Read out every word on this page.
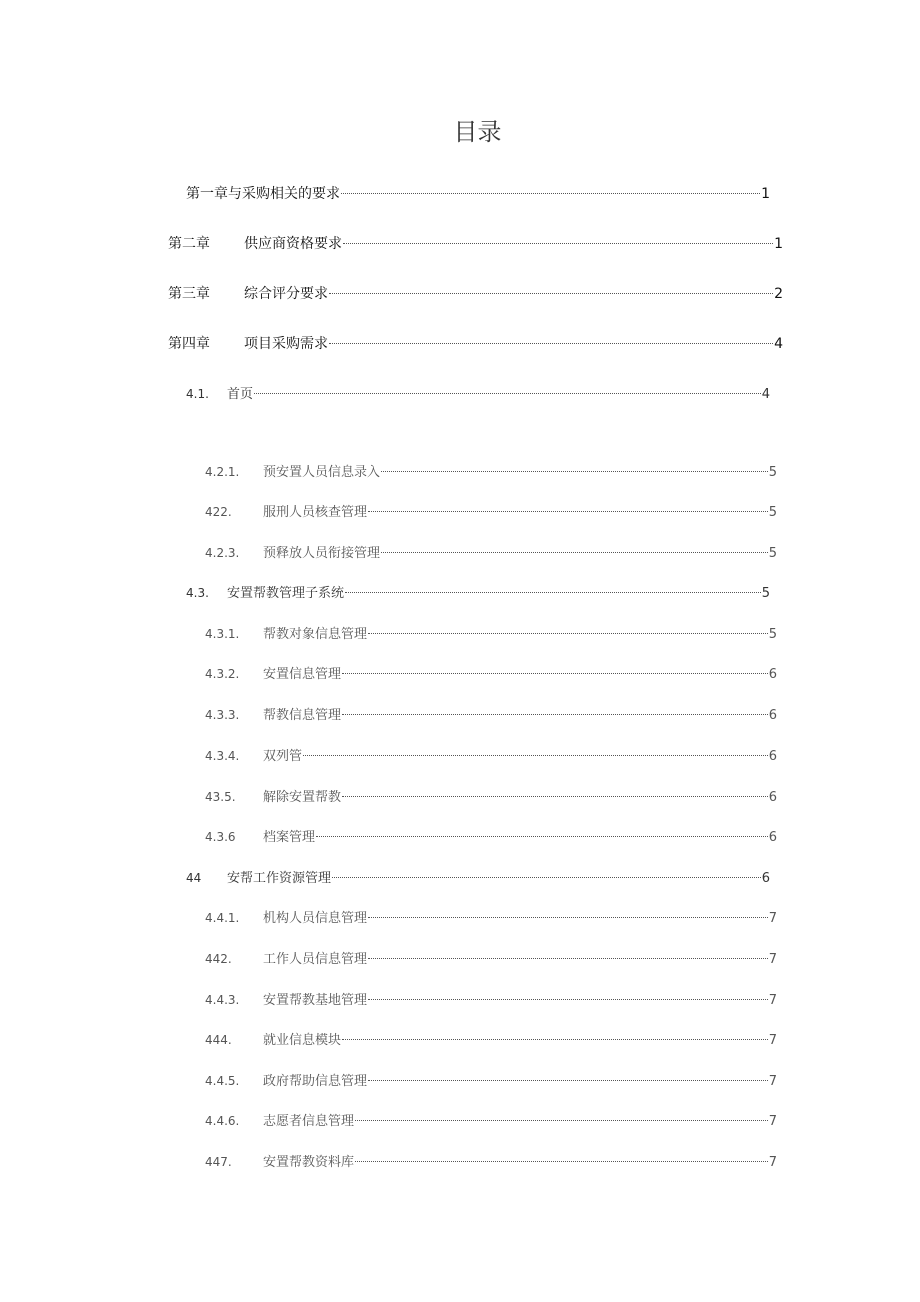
目录
第一章与采购相关的要求	1
第二章	供应商资格要求	1
第三章	综合评分要求	2
第四章	项目采购需求	4
4.1.	首页	4
4.2.1.	预安置人员信息录入	5
422.	服刑人员核查管理	5
4.2.3.	预释放人员衔接管理	5
4.3.	安置帮教管理子系统	5
4.3.1.	帮教对象信息管理	5
4.3.2.	安置信息管理	6
4.3.3.	帮教信息管理	6
4.3.4.	双列管	6
43.5.	解除安置帮教	6
4.3.6	档案管理	6
44	安帮工作资源管理	6
4.4.1.	机构人员信息管理	7
442.	工作人员信息管理	7
4.4.3.	安置帮教基地管理	7
444.	就业信息模块	7
4.4.5.	政府帮助信息管理	7
4.4.6.	志愿者信息管理	7
447.	安置帮教资料库	7
